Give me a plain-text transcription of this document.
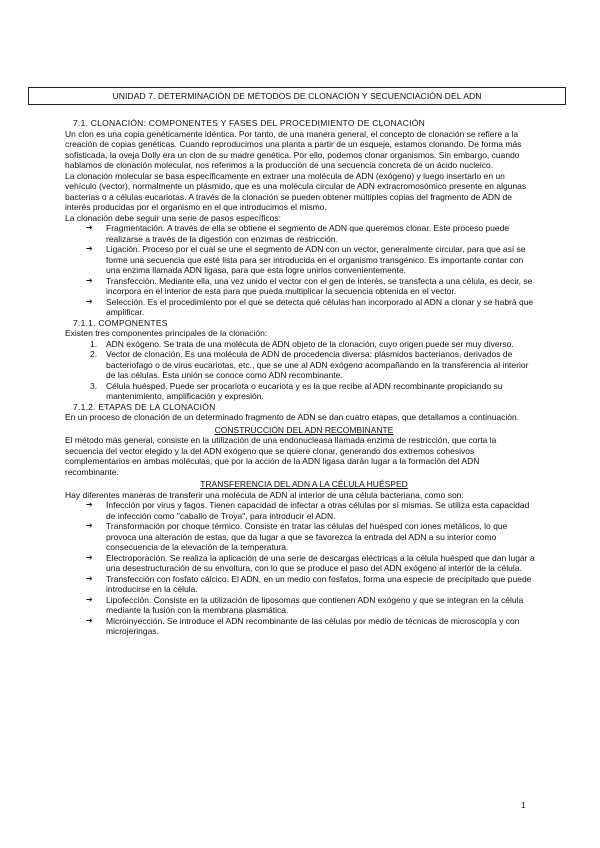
UNIDAD 7. DETERMINACIÓN DE MÉTODOS DE CLONACIÓN Y SECUENCIACIÓN DEL ADN

7.1. CLONACIÓN: COMPONENTES Y FASES DEL PROCEDIMIENTO DE CLONACIÓN

Un clon es una copia genéticamente idéntica. Por tanto, de una manera general, el concepto de clonación se refiere a la creación de copias genéticas. Cuando reproducimos una planta a partir de un esqueje, estamos clonando. De forma más sofisticada, la oveja Dolly era un clon de su madre genética. Por ello, podemos clonar organismos. Sin embargo, cuando hablamos de clonación molecular, nos referimos a la producción de una secuencia concreta de un ácido nucleico.

La clonación molecular se basa específicamente en extraer una molécula de ADN (exógeno) y luego insertarlo en un vehículo (vector), normalmente un plásmido, que es una molécula circular de ADN extracromosómico presente en algunas bacterias o a células eucariotas. A través de la clonación se pueden obtener múltiples copias del fragmento de ADN de interés producidas por el organismo en el que introducimos el mismo.

La clonación debe seguir una serie de pasos específicos:

➔ Fragmentación. A través de ella se obtiene el segmento de ADN que queremos clonar. Este proceso puede realizarse a través de la digestión con enzimas de restricción.
➔ Ligación. Proceso por el cual se une el segmento de ADN con un vector, generalmente circular, para que así se forme una secuencia que esté lista para ser introducida en el organismo transgénico. Es importante contar con una enzima llamada ADN ligasa, para que esta logre unirlos convenientemente.
➔ Transfección. Mediante ella, una vez unido el vector con el gen de interés, se transfecta a una célula, es decir, se incorpora en el interior de esta para que pueda multiplicar la secuencia obtenida en el vector.
➔ Selección. Es el procedimiento por el que se detecta qué células han incorporado al ADN a clonar y se habrá que amplificar.

7.1.1. COMPONENTES

Existen tres componentes principales de la clonación:

1. ADN exógeno. Se trata de una molécula de ADN objeto de la clonación, cuyo origen puede ser muy diverso.
2. Vector de clonación. Es una molécula de ADN de procedencia diversa: plásmidos bacterianos, derivados de bacteriofago o de virus eucariotas, etc., que se une al ADN exógeno acompañando en la transferencia al interior de las células. Esta unión se conoce como ADN recombinante.
3. Célula huésped. Puede ser procariota o eucariota y es la que recibe al ADN recombinante propiciando su mantenimiento, amplificación y expresión.

7.1.2. ETAPAS DE LA CLONACIÓN

En un proceso de clonación de un determinado fragmento de ADN se dan cuatro etapas, que detallamos a continuación.

CONSTRUCCIÓN DEL ADN RECOMBINANTE

El método más general, consiste en la utilización de una endonucleasa llamada enzima de restricción, que corta la secuencia del vector elegido y la del ADN exógeno que se quiere clonar, generando dos extremos cohesivos complementarios en ambas moléculas, que por la acción de la ADN ligasa darán lugar a la formación del ADN recombinante.

TRANSFERENCIA DEL ADN A LA CÉLULA HUÉSPED

Hay diferentes maneras de transferir una molécula de ADN al interior de una célula bacteriana, como son:

➔ Infección por virus y fagos. Tienen capacidad de infectar a otras células por sí mismas. Se utiliza esta capacidad de infección como "caballo de Troya", para introducir el ADN.
➔ Transformación por choque térmico. Consiste en tratar las células del huésped con iones metálicos, lo que provoca una alteración de estas, que da lugar a que se favorezca la entrada del ADN a su interior como consecuencia de la elevación de la temperatura.
➔ Electroporación. Se realiza la aplicación de una serie de descargas eléctricas a la célula huésped que dan lugar a una desestructuración de su envoltura, con lo que se produce el paso del ADN exógeno al interior de la célula.
➔ Transfección con fosfato cálcico. El ADN, en un medio con fosfatos, forma una especie de precipitado que puede introducirse en la célula.
➔ Lipofección. Consiste en la utilización de liposomas que contienen ADN exógeno y que se integran en la célula mediante la fusión con la membrana plasmática.
➔ Microinyección. Se introduce el ADN recombinante de las células por medio de técnicas de microscopía y con microjeringas.
1
